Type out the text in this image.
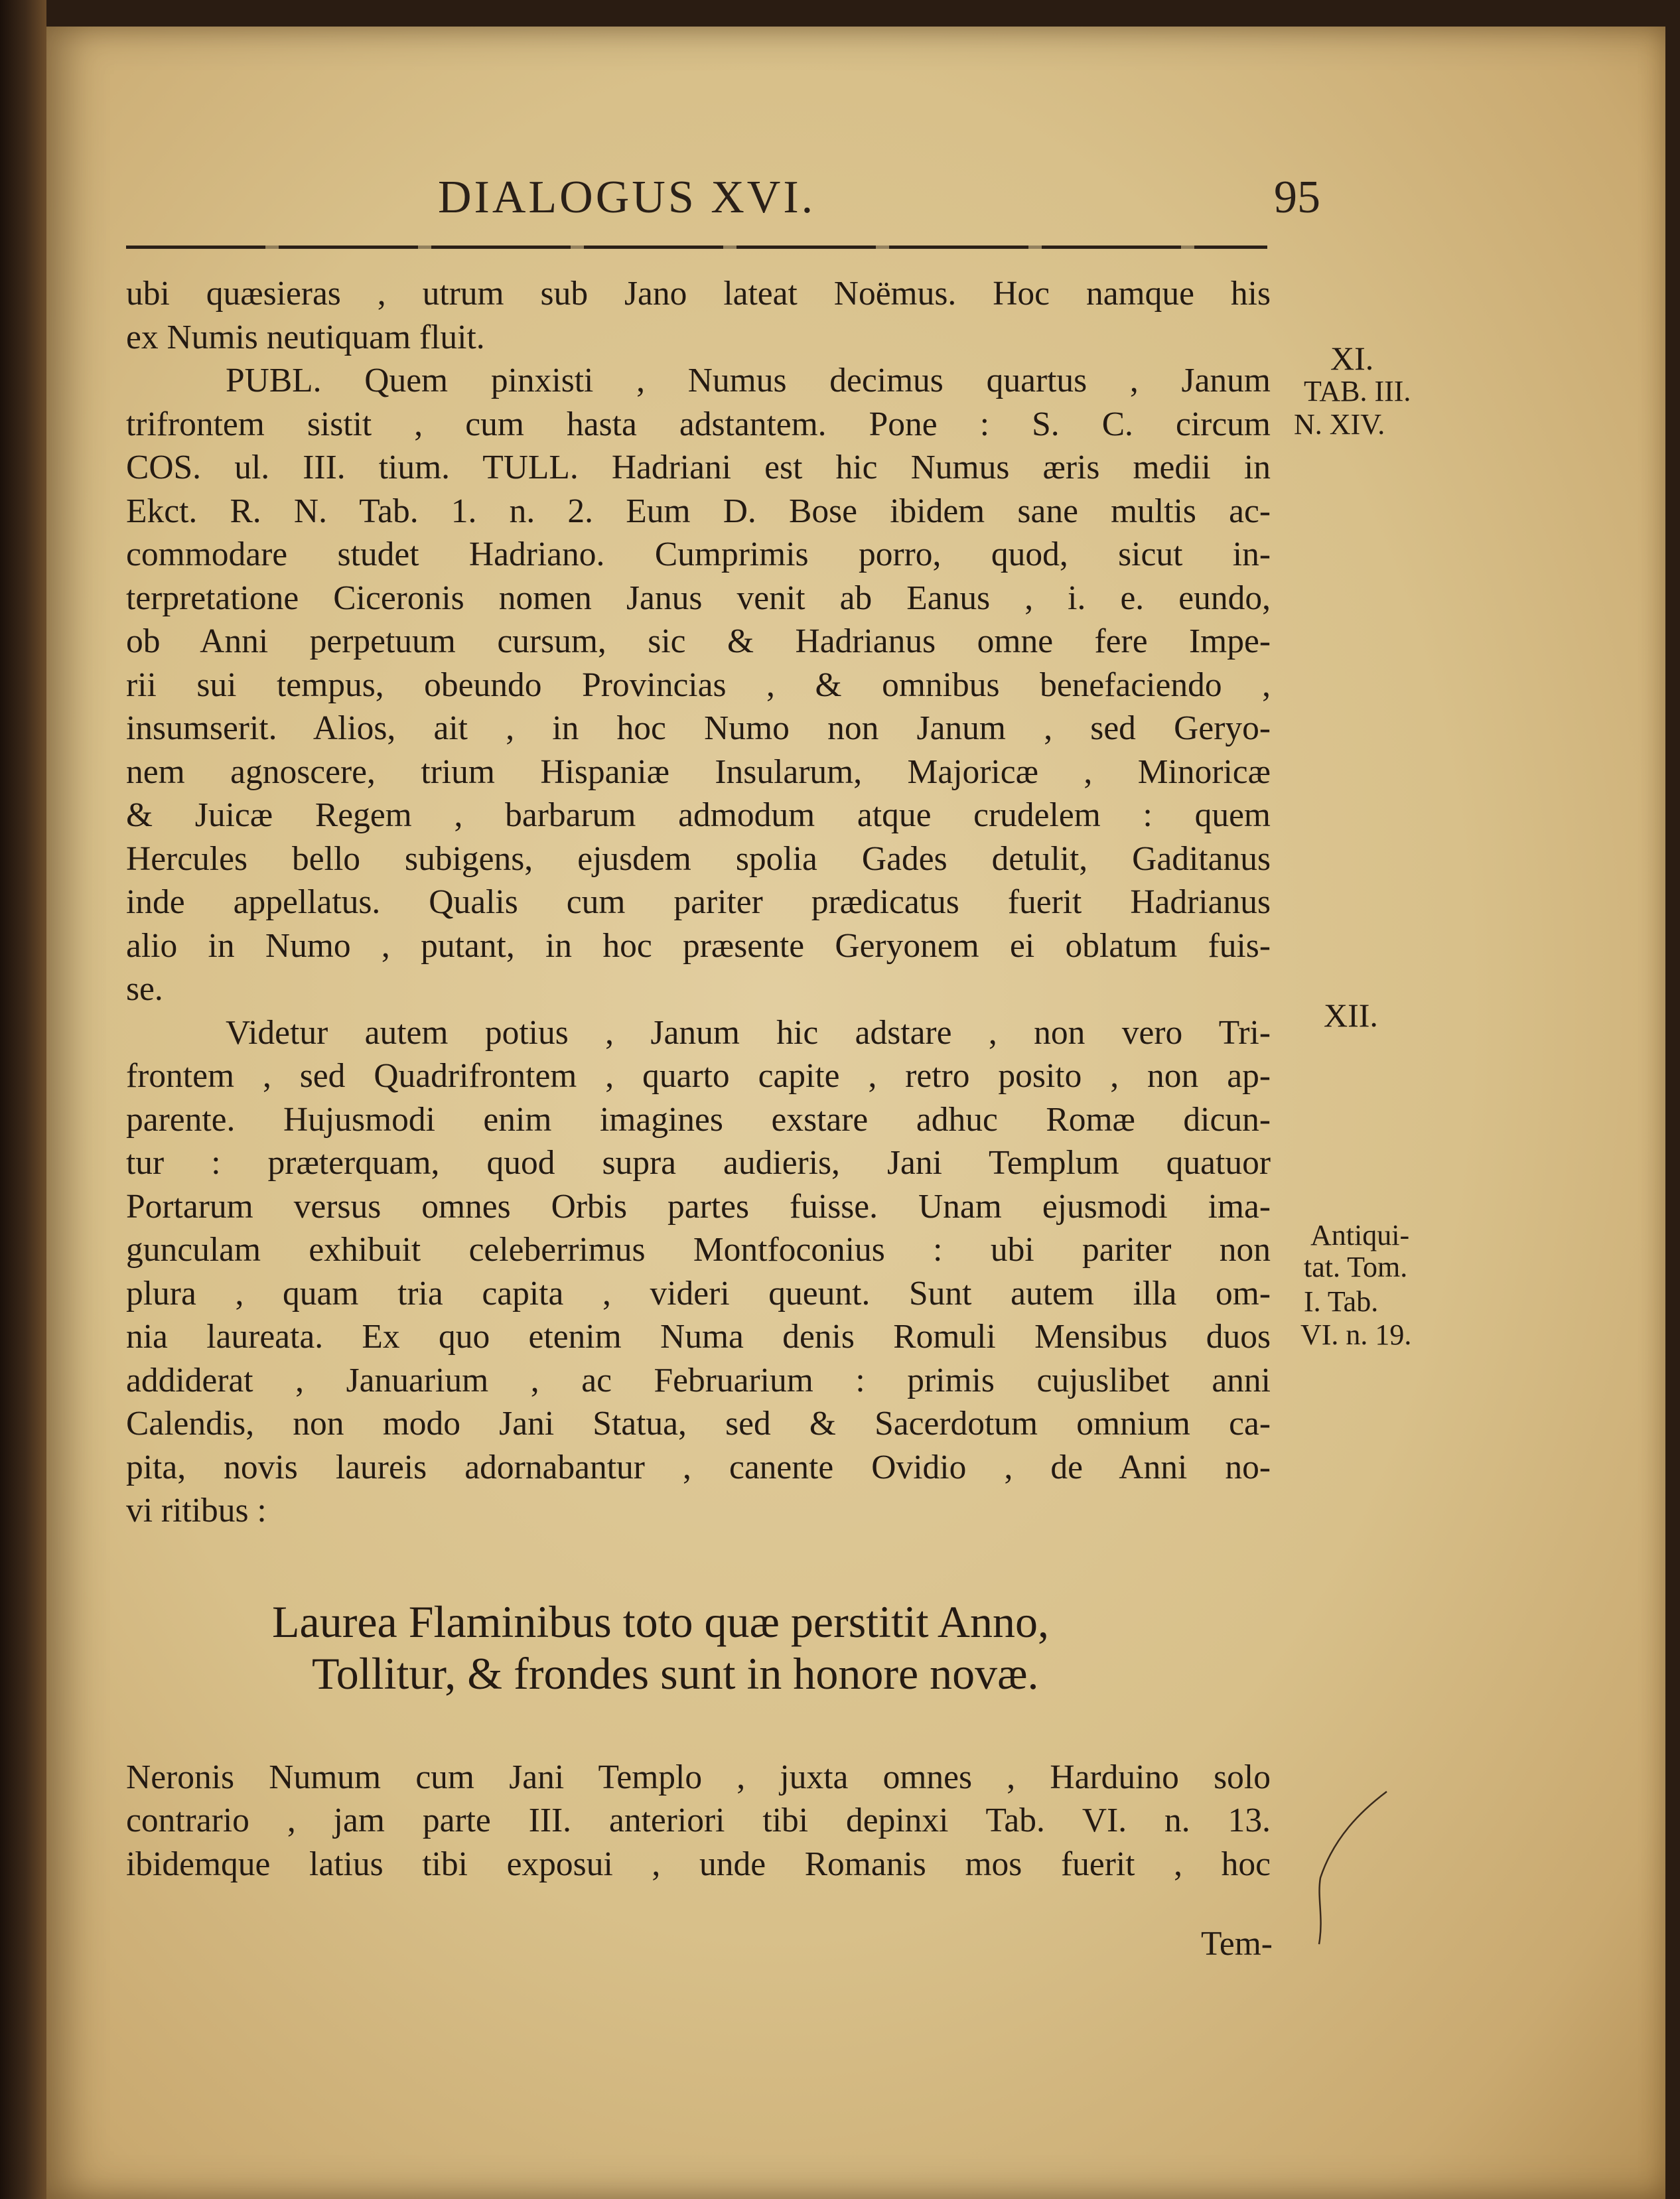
DIALOGUS XVI.	95
ubi quæsieras , utrum sub Jano lateat Noëmus. Hoc namque his
ex Numis neutiquam fluit.
PUBL. Quem pinxisti , Numus decimus quartus , Janum
trifrontem sistit , cum hasta adstantem. Pone : S. C. circum
COS. ul. III. tium. TULL. Hadriani est hic Numus æris medii in
Ekct. R. N. Tab. 1. n. 2. Eum D. Bose ibidem sane multis ac-
commodare studet Hadriano. Cumprimis porro, quod, sicut in-
terpretatione Ciceronis nomen Janus venit ab Eanus , i. e. eundo,
ob Anni perpetuum cursum, sic & Hadrianus omne fere Impe-
rii sui tempus, obeundo Provincias , & omnibus benefaciendo ,
insumserit. Alios, ait , in hoc Numo non Janum , sed Geryo-
nem agnoscere, trium Hispaniæ Insularum, Majoricæ , Minoricæ
& Juicæ Regem , barbarum admodum atque crudelem : quem
Hercules bello subigens, ejusdem spolia Gades detulit, Gaditanus
inde appellatus. Qualis cum pariter prædicatus fuerit Hadrianus
alio in Numo , putant, in hoc præsente Geryonem ei oblatum fuis-
se.
Videtur autem potius , Janum hic adstare , non vero Tri-
frontem , sed Quadrifrontem , quarto capite , retro posito , non ap-
parente. Hujusmodi enim imagines exstare adhuc Romæ dicun-
tur : præterquam, quod supra audieris, Jani Templum quatuor
Portarum versus omnes Orbis partes fuisse. Unam ejusmodi ima-
gunculam exhibuit celeberrimus Montfoconius : ubi pariter non
plura , quam tria capita , videri queunt. Sunt autem illa om-
nia laureata. Ex quo etenim Numa denis Romuli Mensibus duos
addiderat , Januarium , ac Februarium : primis cujuslibet anni
Calendis, non modo Jani Statua, sed & Sacerdotum omnium ca-
pita, novis laureis adornabantur , canente Ovidio , de Anni no-
vi ritibus :
Laurea Flaminibus toto quæ perstitit Anno,
Tollitur, & frondes sunt in honore novæ.
Neronis Numum cum Jani Templo , juxta omnes , Harduino solo
contrario , jam parte III. anteriori tibi depinxi Tab. VI. n. 13.
ibidemque latius tibi exposui , unde Romanis mos fuerit , hoc
Tem-
XI.
TAB. III.
N. XIV.
XII.
Antiqui-
tat. Tom.
I. Tab.
VI. n. 19.
